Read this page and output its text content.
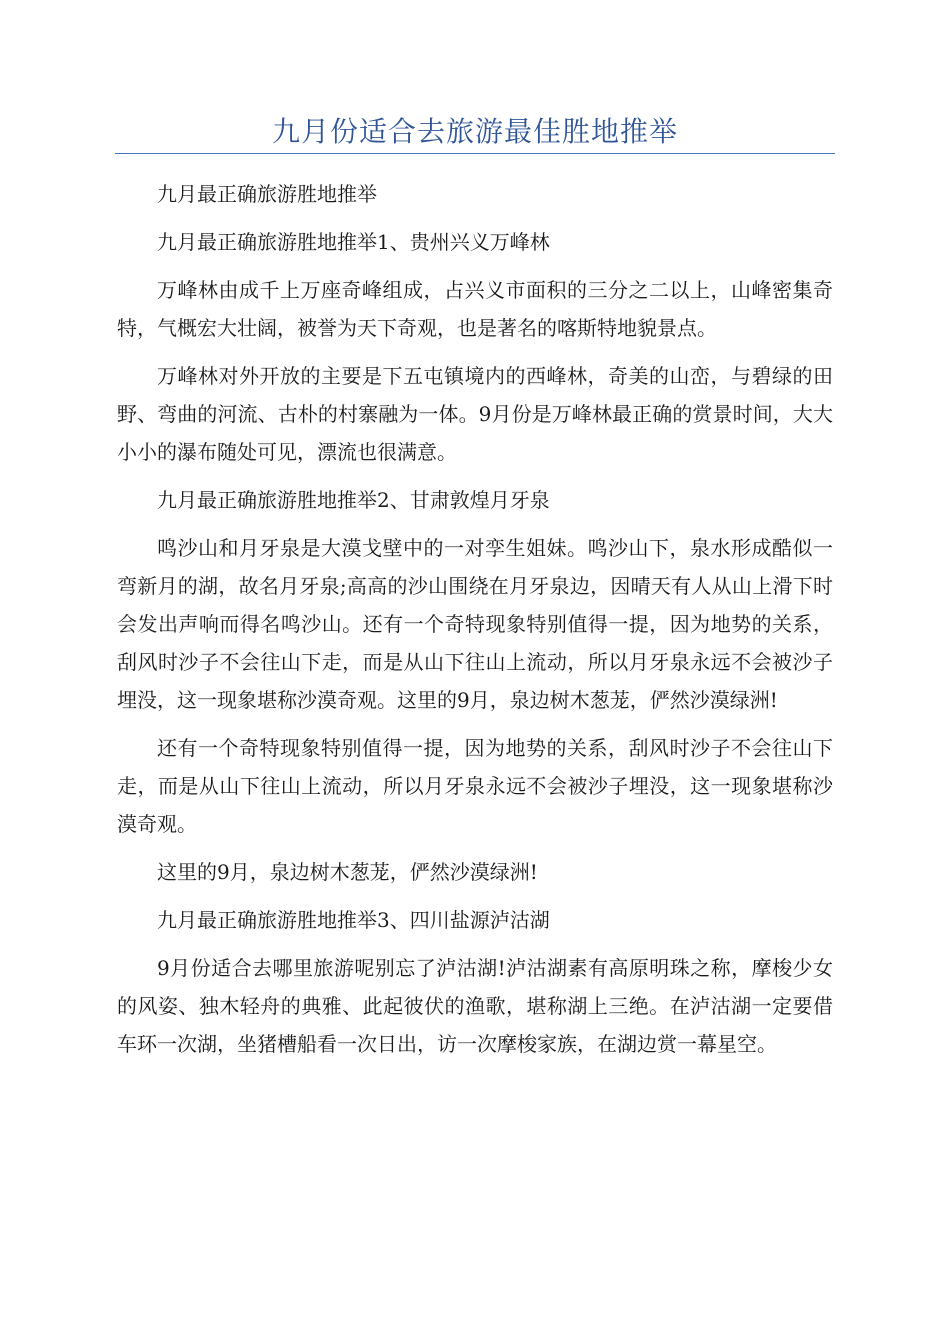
九月份适合去旅游最佳胜地推举

九月最正确旅游胜地推举

九月最正确旅游胜地推举1、贵州兴义万峰林

万峰林由成千上万座奇峰组成，占兴义市面积的三分之二以上，山峰密集奇特，气概宏大壮阔，被誉为天下奇观，也是著名的喀斯特地貌景点。

万峰林对外开放的主要是下五屯镇境内的西峰林，奇美的山峦，与碧绿的田野、弯曲的河流、古朴的村寨融为一体。9月份是万峰林最正确的赏景时间，大大小小的瀑布随处可见，漂流也很满意。

九月最正确旅游胜地推举2、甘肃敦煌月牙泉

鸣沙山和月牙泉是大漠戈壁中的一对孪生姐妹。鸣沙山下，泉水形成酷似一弯新月的湖，故名月牙泉;高高的沙山围绕在月牙泉边，因晴天有人从山上滑下时会发出声响而得名鸣沙山。还有一个奇特现象特别值得一提，因为地势的关系，刮风时沙子不会往山下走，而是从山下往山上流动，所以月牙泉永远不会被沙子埋没，这一现象堪称沙漠奇观。这里的9月，泉边树木葱茏，俨然沙漠绿洲!

还有一个奇特现象特别值得一提，因为地势的关系，刮风时沙子不会往山下走，而是从山下往山上流动，所以月牙泉永远不会被沙子埋没，这一现象堪称沙漠奇观。

这里的9月，泉边树木葱茏，俨然沙漠绿洲!

九月最正确旅游胜地推举3、四川盐源泸沽湖

9月份适合去哪里旅游呢别忘了泸沽湖!泸沽湖素有高原明珠之称，摩梭少女的风姿、独木轻舟的典雅、此起彼伏的渔歌，堪称湖上三绝。在泸沽湖一定要借车环一次湖，坐猪槽船看一次日出，访一次摩梭家族，在湖边赏一幕星空。
